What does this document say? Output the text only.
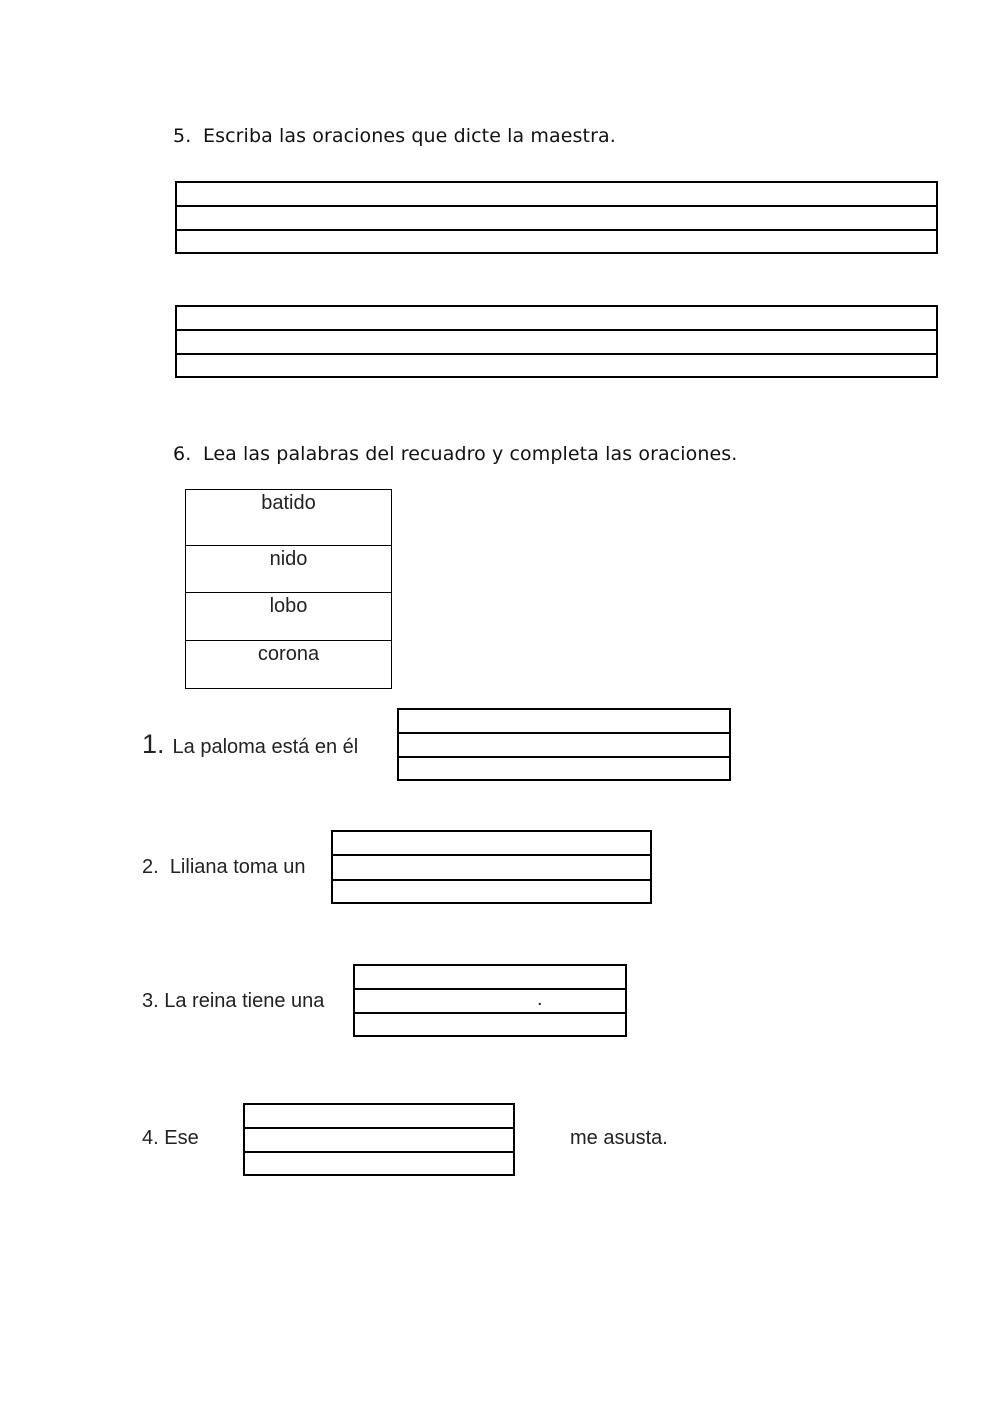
5. Escriba las oraciones que dicte la maestra.
6. Lea las palabras del recuadro y completa las oraciones.
batido
nido
lobo
corona
1. La paloma está en él
2. Liliana toma un
3. La reina tiene una	.
4. Ese	me asusta.
